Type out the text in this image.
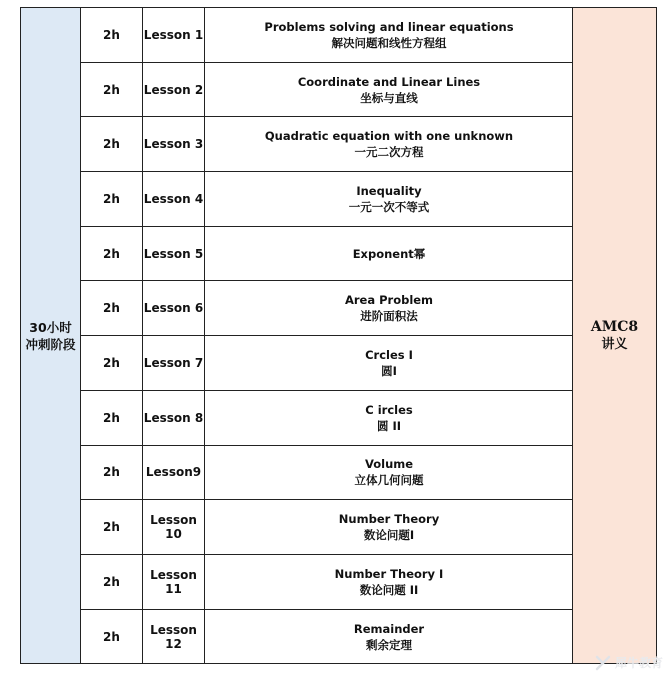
30小时
冲刺阶段
2h	Lesson 1
Problems solving and linear equations
解决问题和线性方程组
2h	Lesson 2
Coordinate and Linear Lines
坐标与直线
2h	Lesson 3
Quadratic equation with one unknown
一元二次方程
2h	Lesson 4
Inequality
一元一次不等式
2h	Lesson 5	Exponent幂
2h	Lesson 6
Area Problem
进阶面积法
2h	Lesson 7
Crcles I
圆I
2h	Lesson 8
C ircles
圆 II
2h	Lesson9
Volume
立体几何问题
2h	Lesson 10
Number Theory
数论问题I
2h	Lesson 11
Number Theory I
数论问题 II
2h	Lesson 12
Remainder
剩余定理
AMC8
讲义
犀牛教育
